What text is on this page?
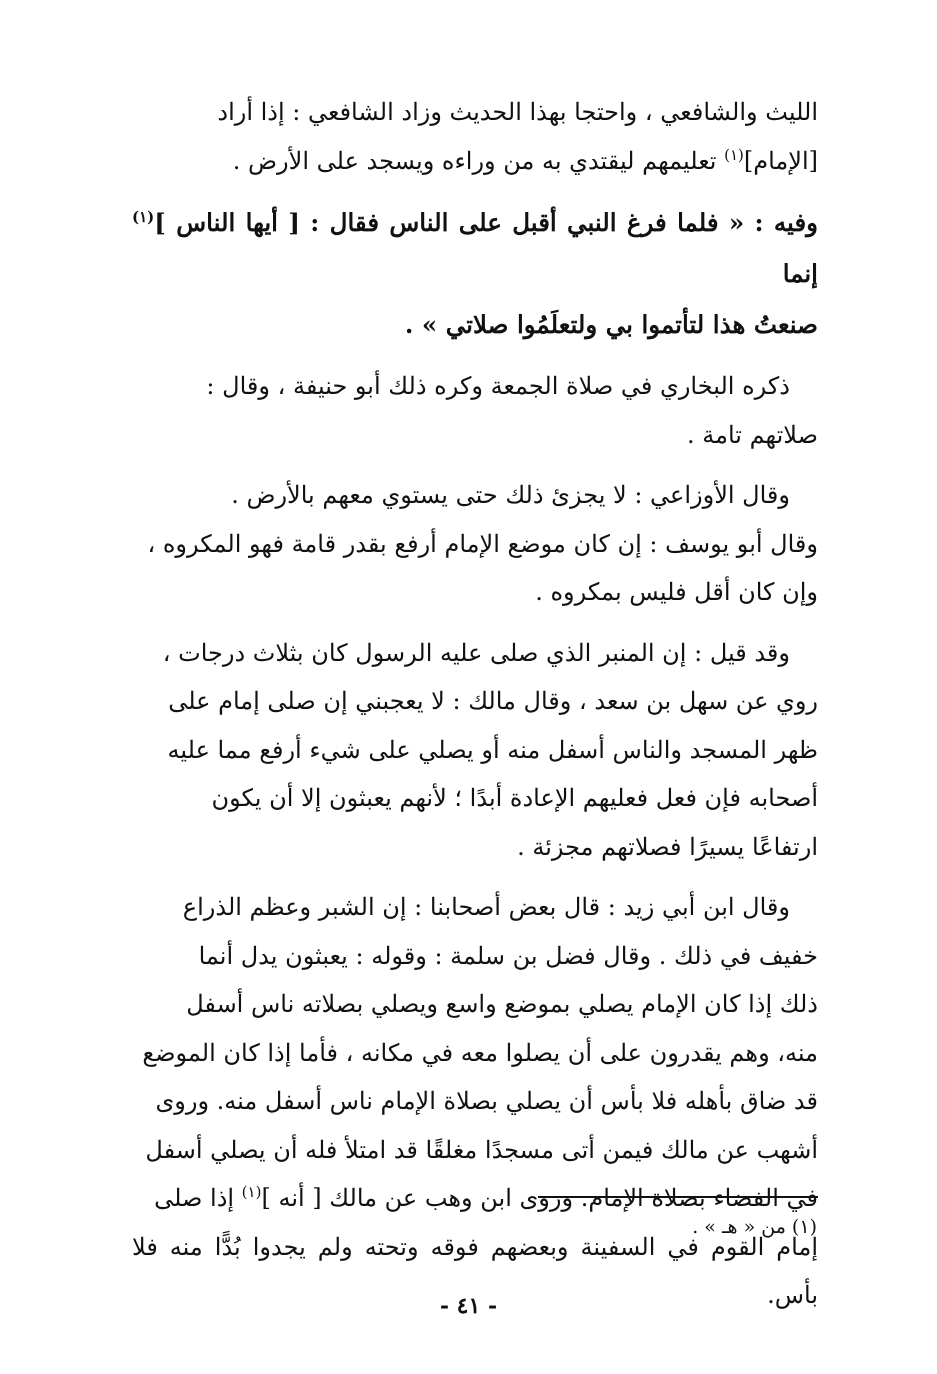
الليث والشافعي ، واحتجا بهذا الحديث وزاد الشافعي : إذا أراد
[الإمام]$^{(١)}$ تعليمهم ليقتدي به من وراءه ويسجد على الأرض .

وفيه : « فلما فرغ النبي أقبل على الناس فقال : [ أيها الناس ]$^{(١)}$ إنما
صنعتُ هذا لتأتموا بي ولتعلَمُوا صلاتي » .

ذكره البخاري في صلاة الجمعة وكره ذلك أبو حنيفة ، وقال :
صلاتهم تامة .

وقال الأوزاعي : لا يجزئ ذلك حتى يستوي معهم بالأرض .
وقال أبو يوسف : إن كان موضع الإمام أرفع بقدر قامة فهو المكروه ،
وإن كان أقل فليس بمكروه .

وقد قيل : إن المنبر الذي صلى عليه الرسول كان بثلاث درجات ،
روي عن سهل بن سعد ، وقال مالك : لا يعجبني إن صلى إمام على
ظهر المسجد والناس أسفل منه أو يصلي على شيء أرفع مما عليه
أصحابه فإن فعل فعليهم الإعادة أبدًا ؛ لأنهم يعبثون إلا أن يكون
ارتفاعًا يسيرًا فصلاتهم مجزئة .

وقال ابن أبي زيد : قال بعض أصحابنا : إن الشبر وعظم الذراع
خفيف في ذلك . وقال فضل بن سلمة : وقوله : يعبثون يدل أنما
ذلك إذا كان الإمام يصلي بموضع واسع ويصلي بصلاته ناس أسفل
منه، وهم يقدرون على أن يصلوا معه في مكانه ، فأما إذا كان الموضع
قد ضاق بأهله فلا بأس أن يصلي بصلاة الإمام ناس أسفل منه. وروى
أشهب عن مالك فيمن أتى مسجدًا مغلقًا قد امتلأ فله أن يصلي أسفل
في الفضاء بصلاة الإمام. وروى ابن وهب عن مالك [ أنه ]$^{(١)}$ إذا صلى
إمام القوم في السفينة وبعضهم فوقه وتحته ولم يجدوا بُدًّا منه فلا بأس.

(١) من « هـ » .
- ٤١ -
